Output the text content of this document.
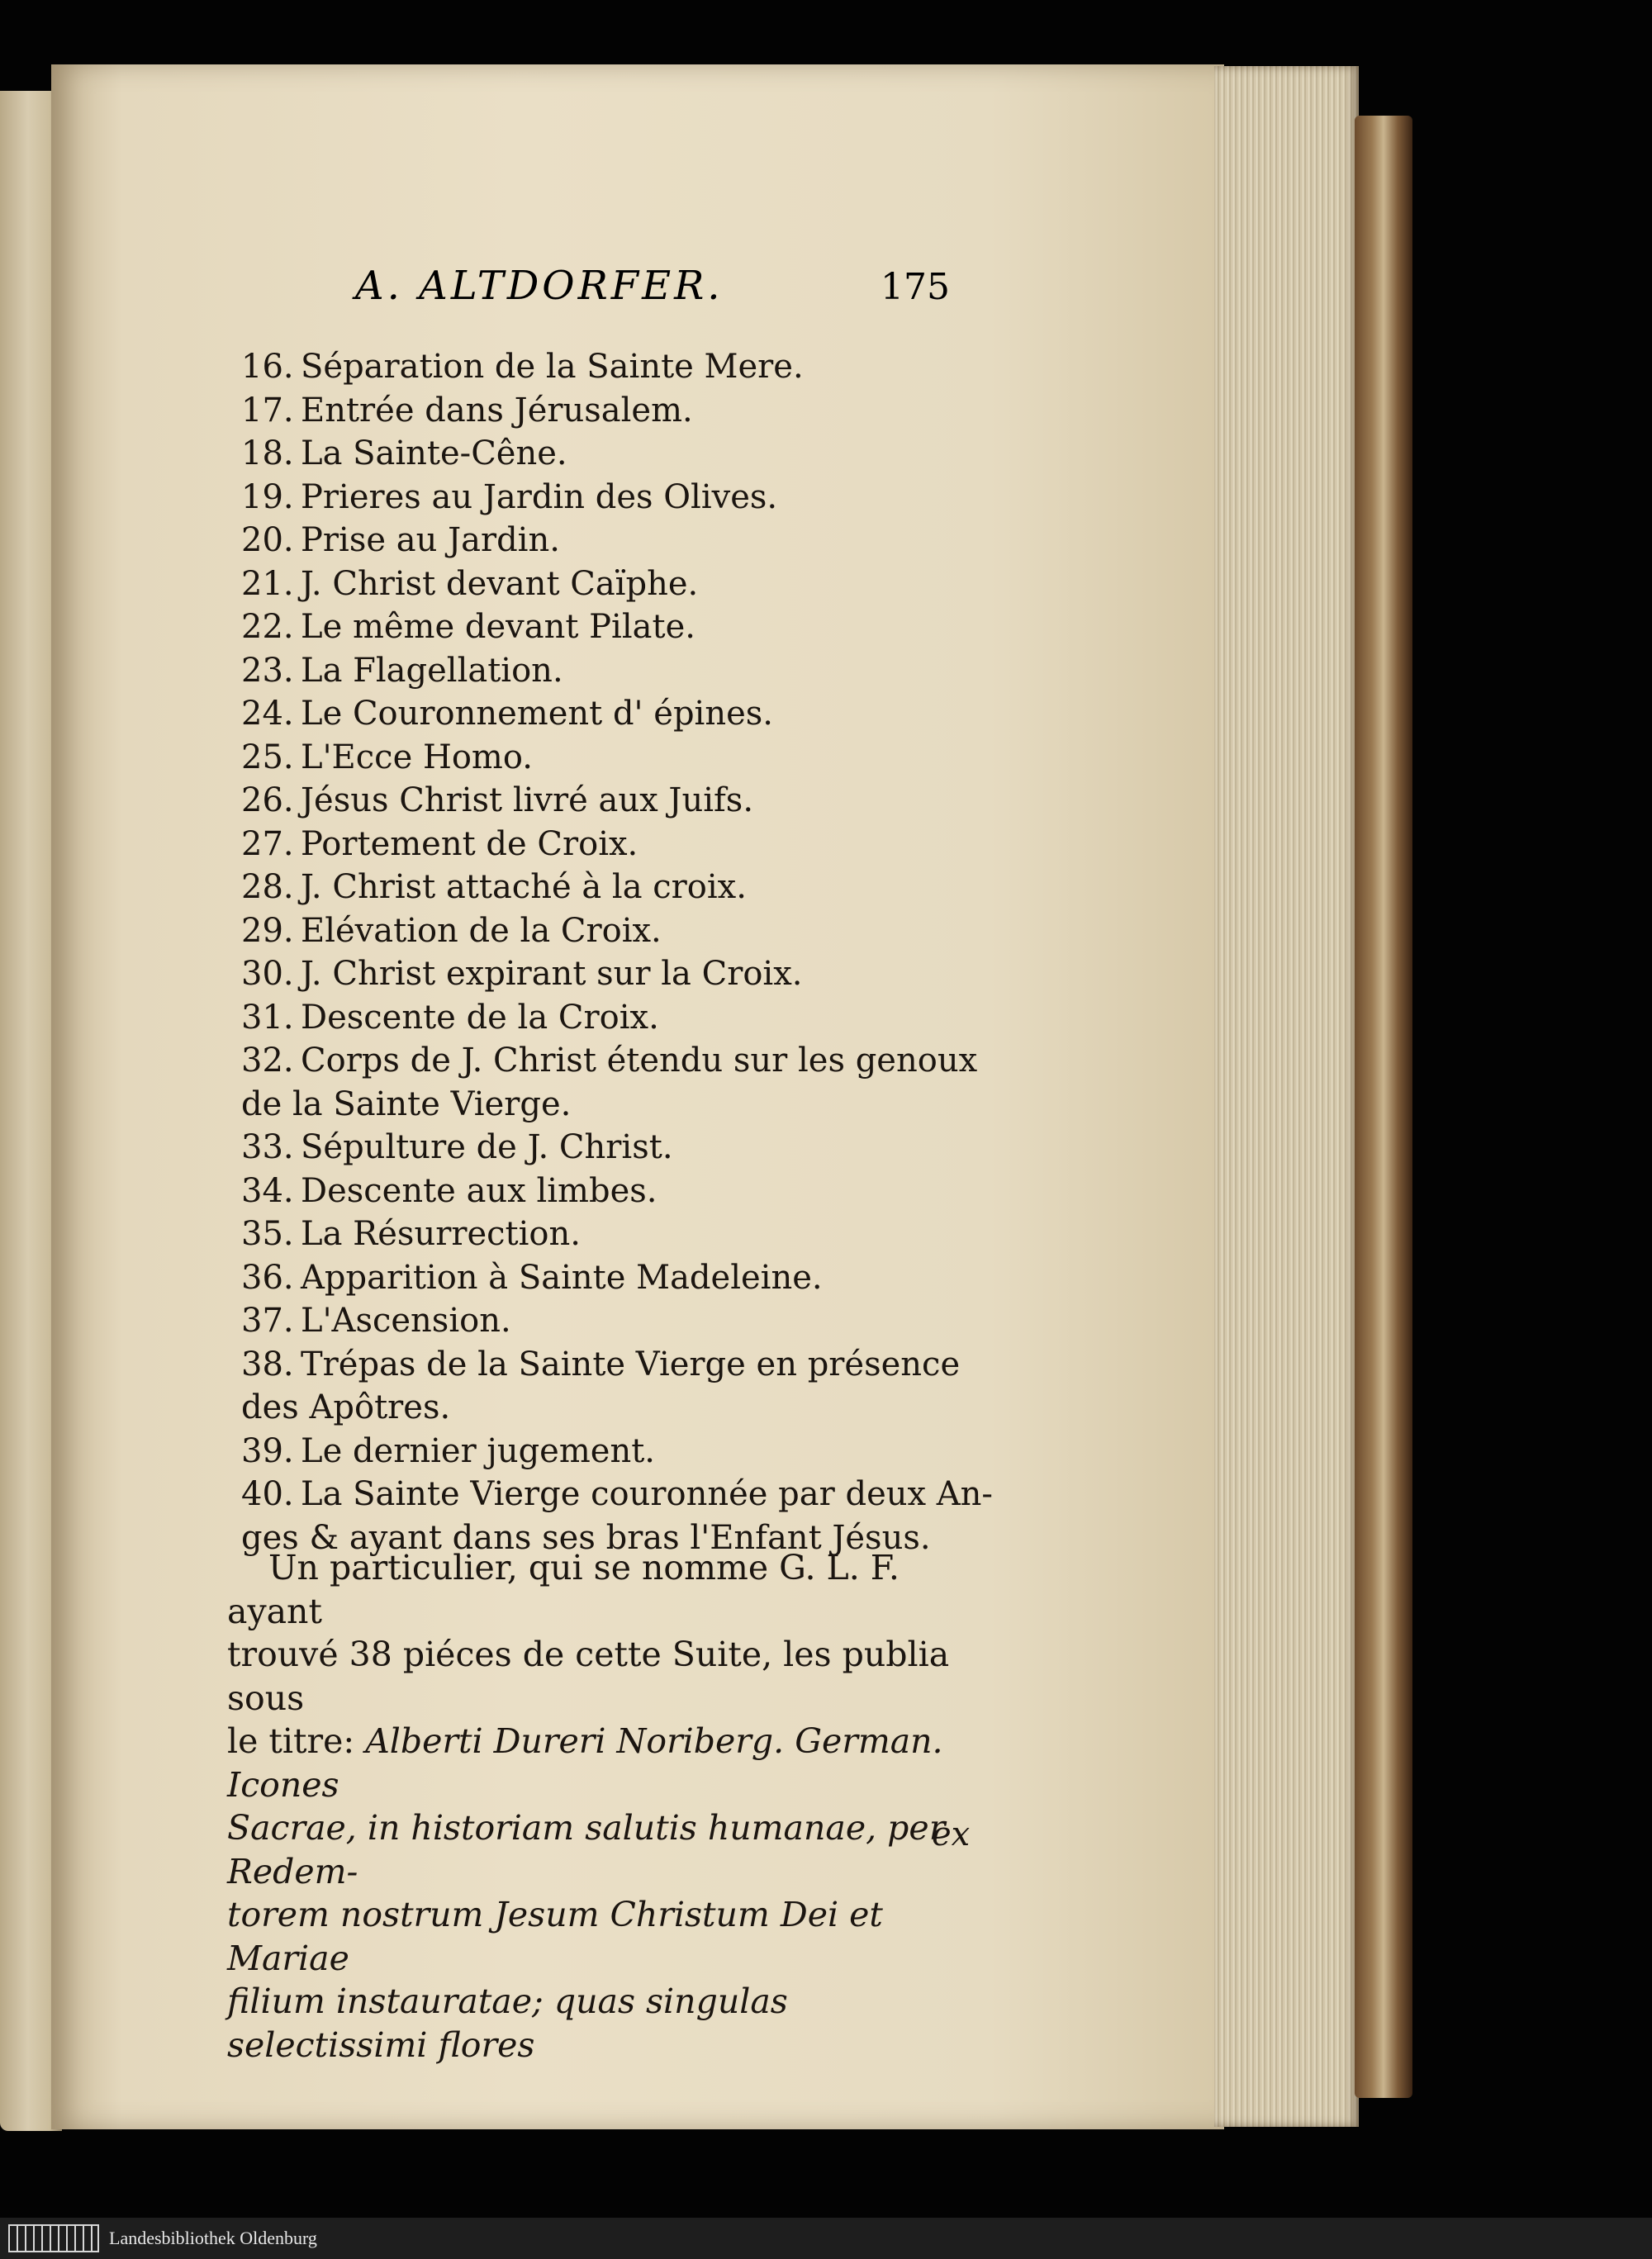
A. ALTDORFER.	175
16. Séparation de la Sainte Mere.
17. Entrée dans Jérusalem.
18. La Sainte-Cêne.
19. Prieres au Jardin des Olives.
20. Prise au Jardin.
21. J. Christ devant Caïphe.
22. Le même devant Pilate.
23. La Flagellation.
24. Le Couronnement d' épines.
25. L'Ecce Homo.
26. Jésus Christ livré aux Juifs.
27. Portement de Croix.
28. J. Christ attaché à la croix.
29. Elévation de la Croix.
30. J. Christ expirant sur la Croix.
31. Descente de la Croix.
32. Corps de J. Christ étendu sur les genoux
de la Sainte Vierge.
33. Sépulture de J. Christ.
34. Descente aux limbes.
35. La Résurrection.
36. Apparition à Sainte Madeleine.
37. L'Ascension.
38. Trépas de la Sainte Vierge en présence
des Apôtres.
39. Le dernier jugement.
40. La Sainte Vierge couronnée par deux An-
ges & ayant dans ses bras l'Enfant Jésus.

Un particulier, qui se nomme G. L. F. ayant

trouvé 38 piéces de cette Suite, les publia sous

le titre: Alberti Dureri Noriberg. German. Icones

Sacrae, in historiam salutis humanae, per Redem-

torem nostrum Jesum Christum Dei et Mariae

filium instauratae; quas singulas selectissimi flores

ex
Landesbibliothek Oldenburg
